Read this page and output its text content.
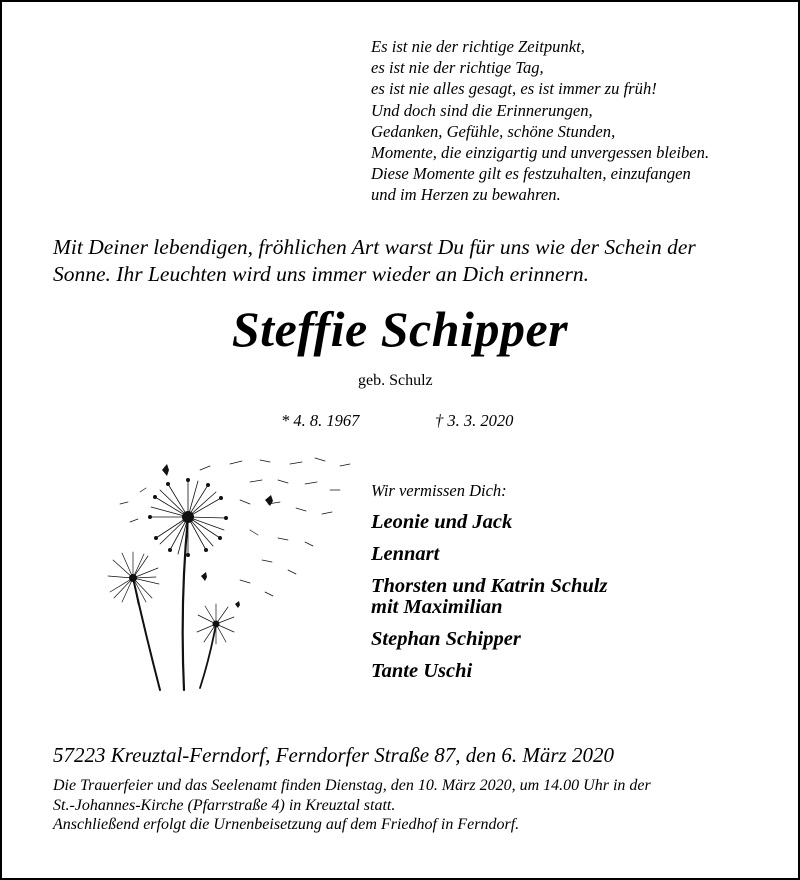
Es ist nie der richtige Zeitpunkt,
es ist nie der richtige Tag,
es ist nie alles gesagt, es ist immer zu früh!
Und doch sind die Erinnerungen,
Gedanken, Gefühle, schöne Stunden,
Momente, die einzigartig und unvergessen bleiben.
Diese Momente gilt es festzuhalten, einzufangen
und im Herzen zu bewahren.
Mit Deiner lebendigen, fröhlichen Art warst Du für uns wie der Schein der Sonne. Ihr Leuchten wird uns immer wieder an Dich erinnern.
Steffie Schipper
geb. Schulz
* 4. 8. 1967	† 3. 3. 2020
Wir vermissen Dich:
Leonie und Jack
Lennart
Thorsten und Katrin Schulz
mit Maximilian
Stephan Schipper
Tante Uschi
57223 Kreuztal-Ferndorf, Ferndorfer Straße 87, den 6. März 2020
Die Trauerfeier und das Seelenamt finden Dienstag, den 10. März 2020, um 14.00 Uhr in der
St.-Johannes-Kirche (Pfarrstraße 4) in Kreuztal statt.
Anschließend erfolgt die Urnenbeisetzung auf dem Friedhof in Ferndorf.
